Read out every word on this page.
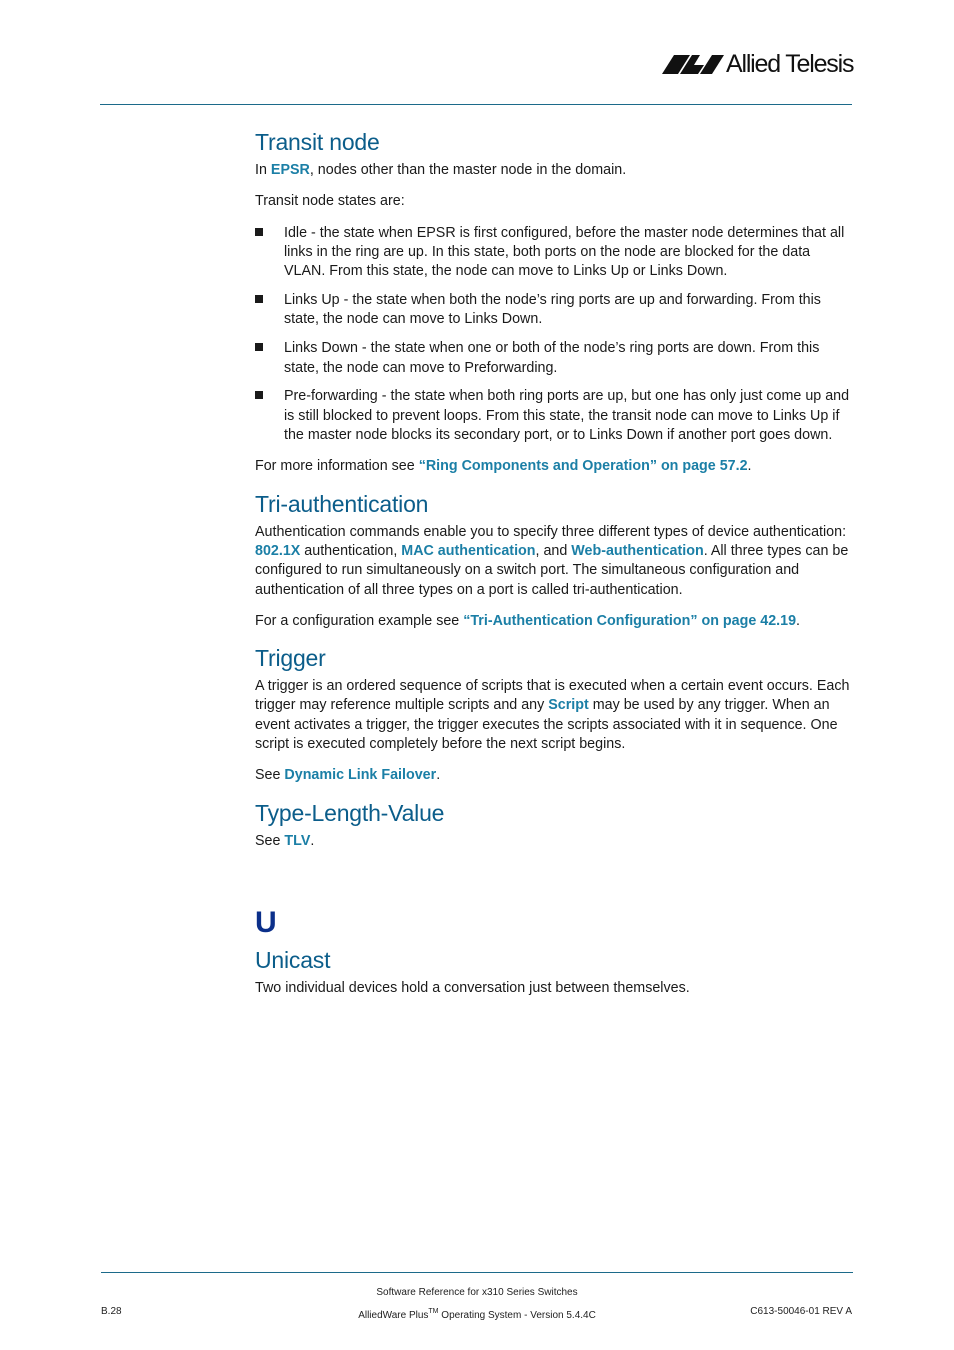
Allied Telesis
Transit node

In EPSR, nodes other than the master node in the domain.

Transit node states are:

Idle - the state when EPSR is first configured, before the master node determines that all links in the ring are up. In this state, both ports on the node are blocked for the data VLAN. From this state, the node can move to Links Up or Links Down.
Links Up - the state when both the node’s ring ports are up and forwarding. From this state, the node can move to Links Down.
Links Down - the state when one or both of the node’s ring ports are down. From this state, the node can move to Preforwarding.
Pre-forwarding - the state when both ring ports are up, but one has only just come up and is still blocked to prevent loops. From this state, the transit node can move to Links Up if the master node blocks its secondary port, or to Links Down if another port goes down.

For more information see “Ring Components and Operation” on page 57.2.

Tri-authentication

Authentication commands enable you to specify three different types of device authentication: 802.1X authentication, MAC authentication, and Web-authentication. All three types can be configured to run simultaneously on a switch port. The simultaneous configuration and authentication of all three types on a port is called tri-authentication.

For a configuration example see “Tri-Authentication Configuration” on page 42.19.

Trigger

A trigger is an ordered sequence of scripts that is executed when a certain event occurs. Each trigger may reference multiple scripts and any Script may be used by any trigger. When an event activates a trigger, the trigger executes the scripts associated with it in sequence. One script is executed completely before the next script begins.

See Dynamic Link Failover.

Type-Length-Value

See TLV.

U
Unicast

Two individual devices hold a conversation just between themselves.

Software Reference for x310 Series Switches
AlliedWare Plus™ Operating System - Version 5.4.4C
B.28	C613-50046-01 REV A
